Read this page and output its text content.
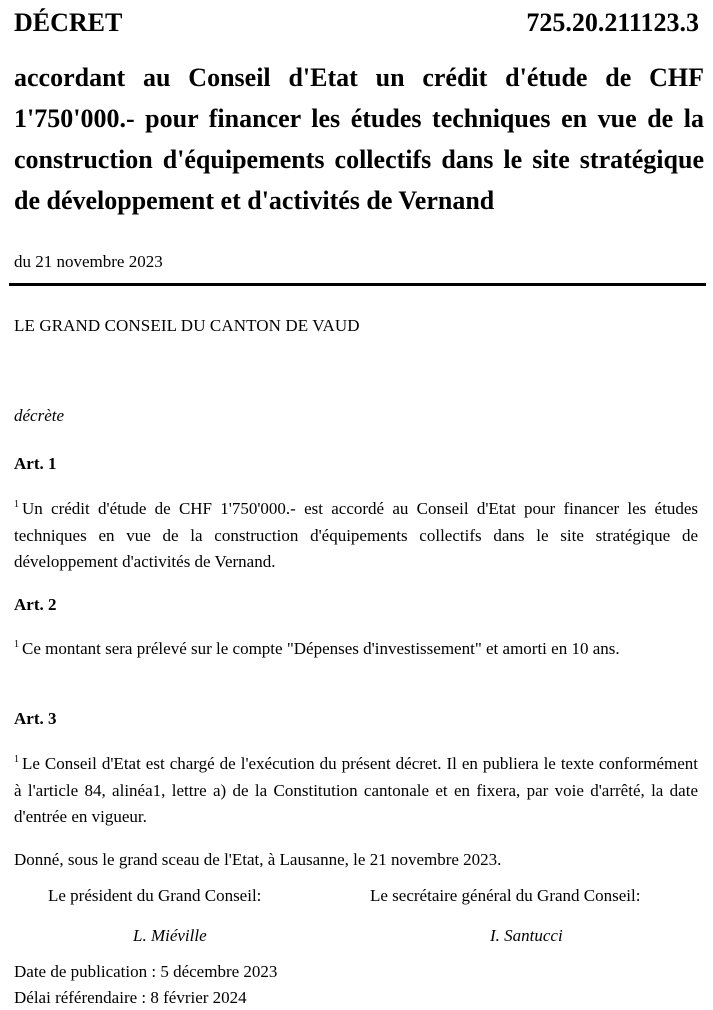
DÉCRET	725.20.211123.3
accordant au Conseil d'Etat un crédit d'étude de CHF 1'750'000.- pour financer les études techniques en vue de la construction d'équipements collectifs dans le site stratégique de développement et d'activités de Vernand
du 21 novembre 2023
LE GRAND CONSEIL DU CANTON DE VAUD
décrète
Art. 1
$^1$ Un crédit d'étude de CHF 1'750'000.- est accordé au Conseil d'Etat pour financer les études techniques en vue de la construction d'équipements collectifs dans le site stratégique de développement d'activités de Vernand.
Art. 2
$^1$ Ce montant sera prélevé sur le compte "Dépenses d'investissement" et amorti en 10 ans.
Art. 3
$^1$ Le Conseil d'Etat est chargé de l'exécution du présent décret. Il en publiera le texte conformément à l'article 84, alinéa1, lettre a) de la Constitution cantonale et en fixera, par voie d'arrêté, la date d'entrée en vigueur.
Donné, sous le grand sceau de l'Etat, à Lausanne, le 21 novembre 2023.
Le président du Grand Conseil:	Le secrétaire général du Grand Conseil:
L. Miéville	I. Santucci
Date de publication : 5 décembre 2023
Délai référendaire : 8 février 2024
